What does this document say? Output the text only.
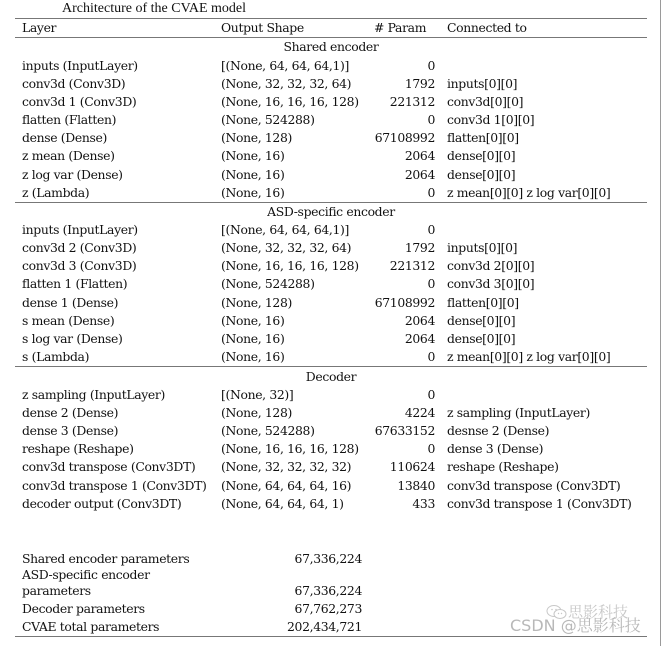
Architecture of the CVAE model
Layer	Output Shape	# Param Connected to
Shared encoder
inputs (InputLayer)	[(None, 64, 64, 64,1)]	0
conv3d (Conv3D)	(None, 32, 32, 32, 64)	1792 inputs[0][0]
conv3d 1 (Conv3D)	(None, 16, 16, 16, 128)	221312 conv3d[0][0]
flatten (Flatten)	(None, 524288)	0 conv3d 1[0][0]
dense (Dense)	(None, 128)	67108992 flatten[0][0]
z mean (Dense)	(None, 16)	2064 dense[0][0]
z log var (Dense)	(None, 16)	2064 dense[0][0]
z (Lambda)	(None, 16)	0 z mean[0][0] z log var[0][0]
ASD-specific encoder
inputs (InputLayer)	[(None, 64, 64, 64,1)]	0
conv3d 2 (Conv3D)	(None, 32, 32, 32, 64)	1792 inputs[0][0]
conv3d 3 (Conv3D)	(None, 16, 16, 16, 128)	221312 conv3d 2[0][0]
flatten 1 (Flatten)	(None, 524288)	0 conv3d 3[0][0]
dense 1 (Dense)	(None, 128)	67108992 flatten[0][0]
s mean (Dense)	(None, 16)	2064 dense[0][0]
s log var (Dense)	(None, 16)	2064 dense[0][0]
s (Lambda)	(None, 16)	0 z mean[0][0] z log var[0][0]
Decoder
z sampling (InputLayer)	[(None, 32)]	0
dense 2 (Dense)	(None, 128)	4224 z sampling (InputLayer)
dense 3 (Dense)	(None, 524288)	67633152 desnse 2 (Dense)
reshape (Reshape)	(None, 16, 16, 16, 128)	0 dense 3 (Dense)
conv3d transpose (Conv3DT) (None, 32, 32, 32, 32)	110624 reshape (Reshape)
conv3d transpose 1 (Conv3DT) (None, 64, 64, 64, 16)	13840 conv3d transpose (Conv3DT)
decoder output (Conv3DT)	(None, 64, 64, 64, 1)	433 conv3d transpose 1 (Conv3DT)
Shared encoder parameters	67,336,224
ASD-specific encoder
parameters	67,336,224
Decoder parameters	67,762,273
CVAE total parameters	202,434,721
思影科技
CSDN @思影科技
